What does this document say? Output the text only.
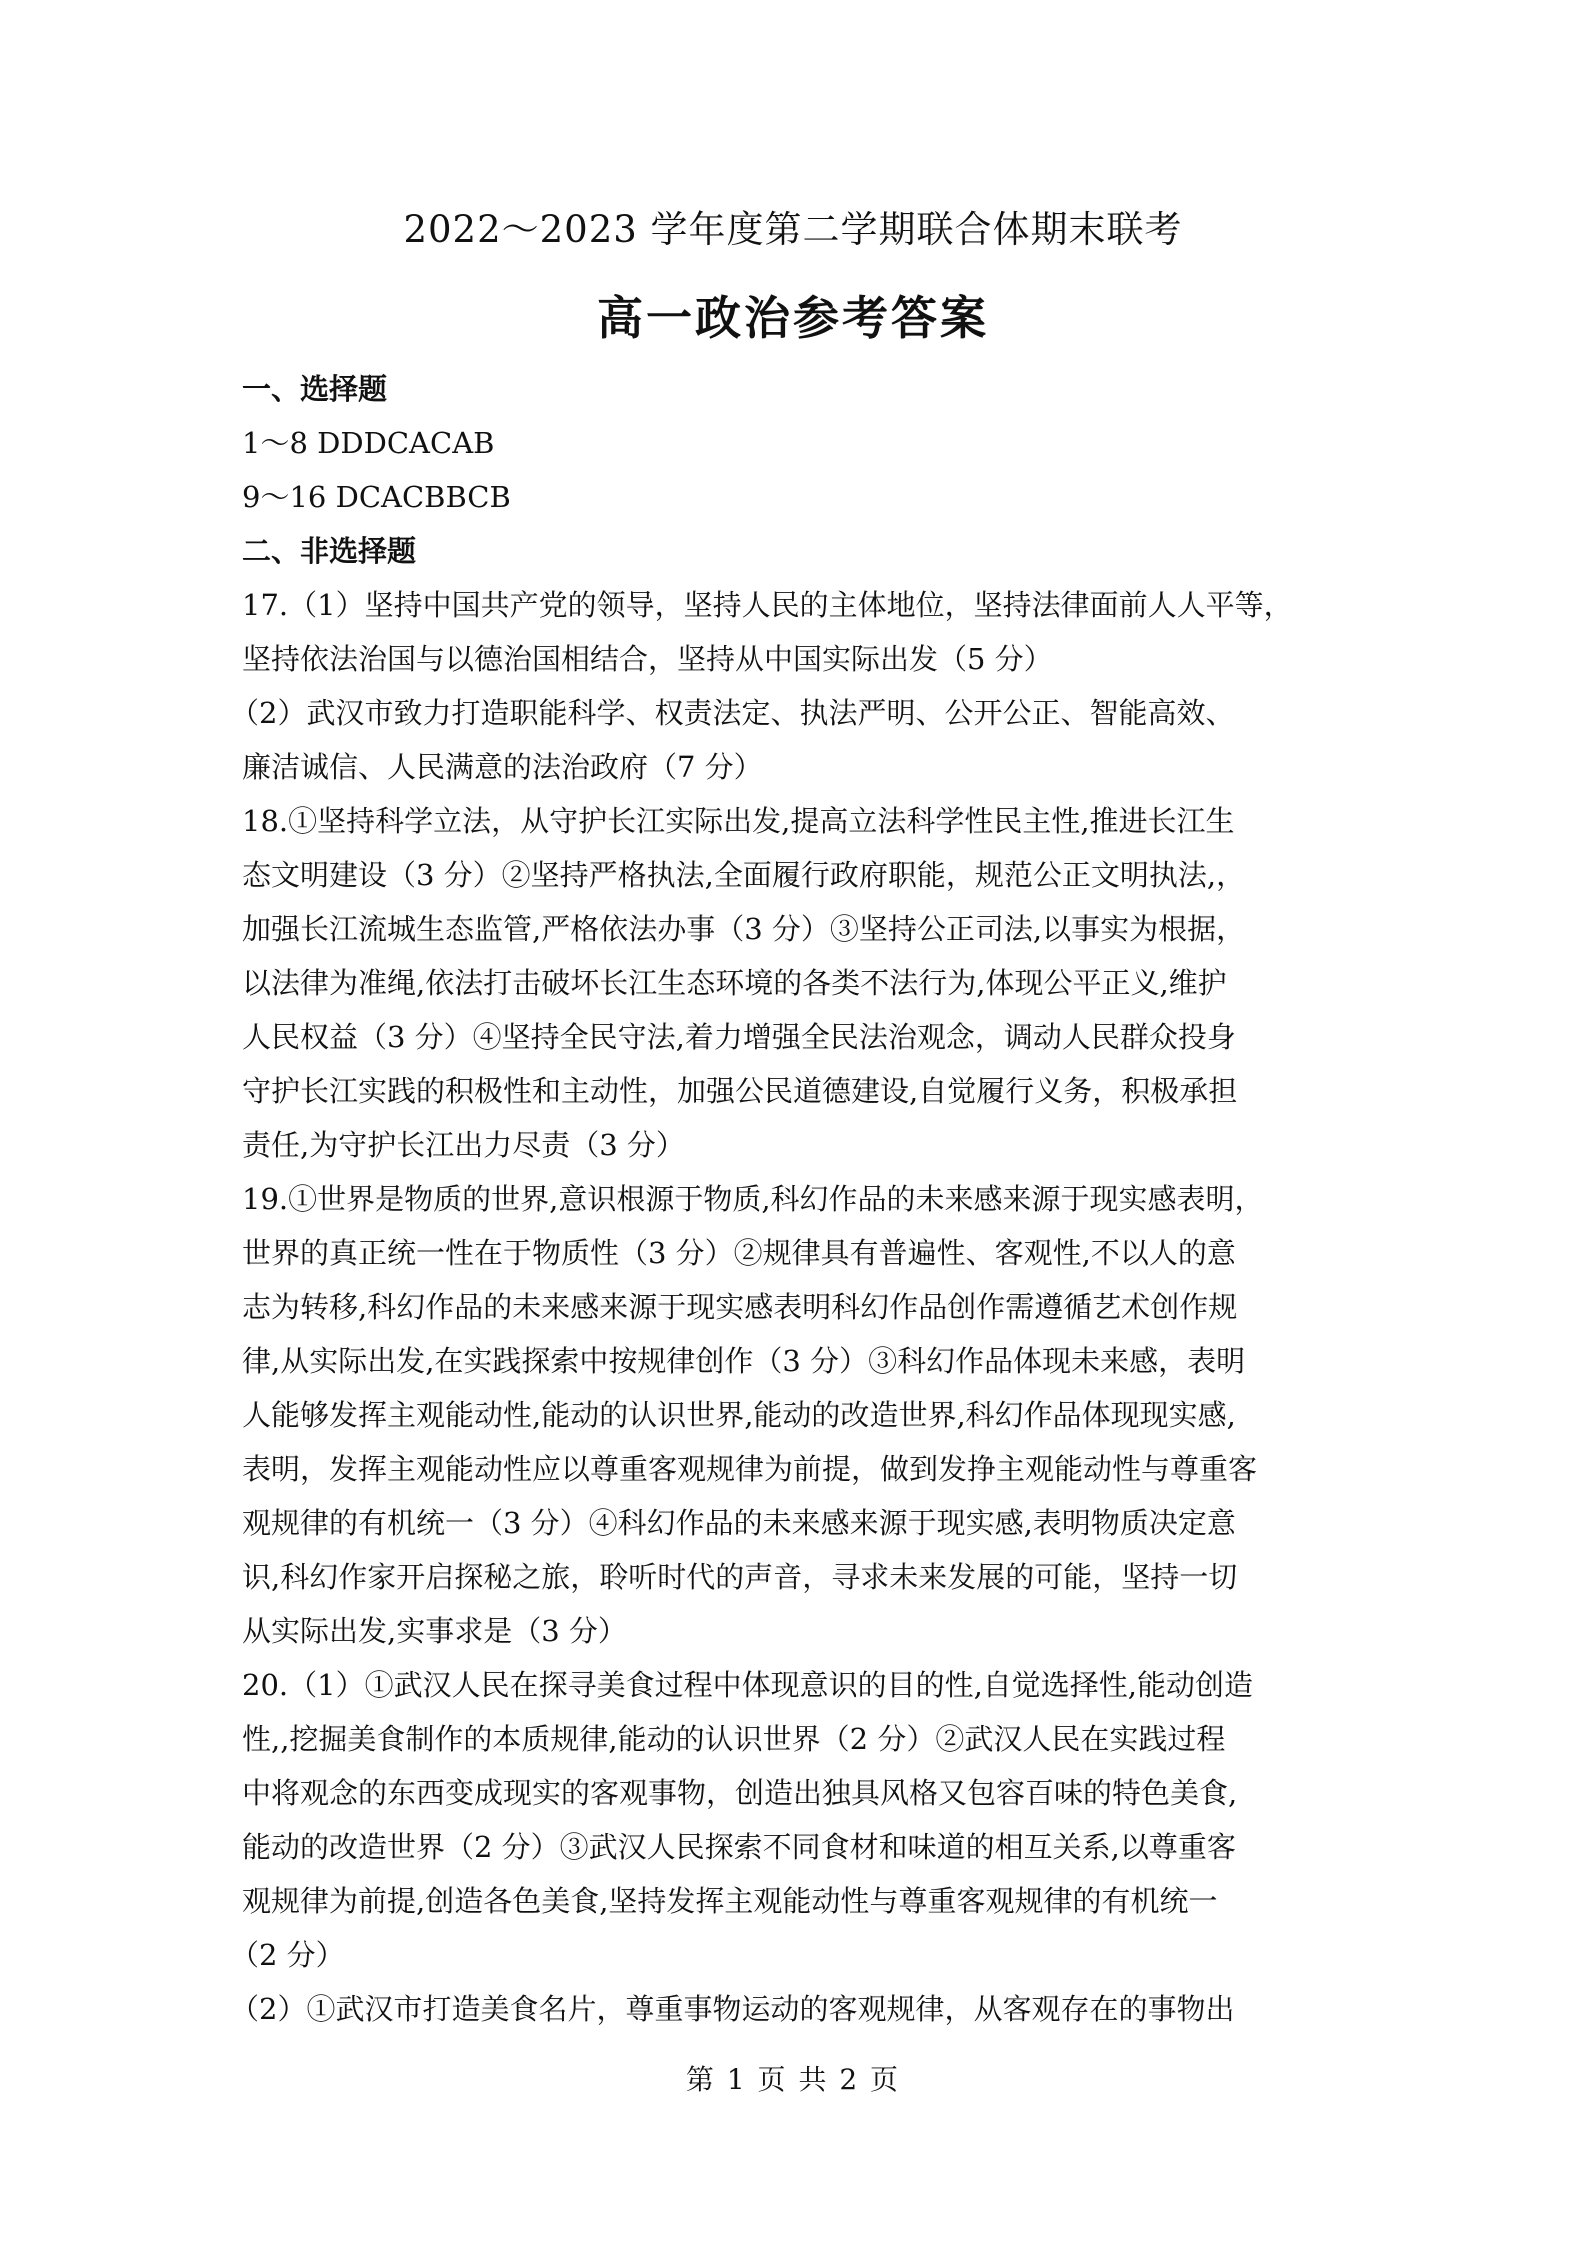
2022～2023 学年度第二学期联合体期末联考
高一政治参考答案
一、选择题
1～8 DDDCACAB
9～16 DCACBBCB
二、非选择题
17.（1）坚持中国共产党的领导，坚持人民的主体地位，坚持法律面前人人平等，
坚持依法治国与以德治国相结合，坚持从中国实际出发（5 分）
（2）武汉市致力打造职能科学、权责法定、执法严明、公开公正、智能高效、
廉洁诚信、人民满意的法治政府（7 分）
18.①坚持科学立法，从守护长江实际出发,提高立法科学性民主性,推进长江生
态文明建设（3 分）②坚持严格执法,全面履行政府职能，规范公正文明执法,，
加强长江流城生态监管,严格依法办事（3 分）③坚持公正司法,以事实为根据，
以法律为准绳,依法打击破坏长江生态环境的各类不法行为,体现公平正义,维护
人民权益（3 分）④坚持全民守法,着力增强全民法治观念，调动人民群众投身
守护长江实践的积极性和主动性，加强公民道德建设,自觉履行义务，积极承担
责任,为守护长江出力尽责（3 分）
19.①世界是物质的世界,意识根源于物质,科幻作品的未来感来源于现实感表明，
世界的真正统一性在于物质性（3 分）②规律具有普遍性、客观性,不以人的意
志为转移,科幻作品的未来感来源于现实感表明科幻作品创作需遵循艺术创作规
律,从实际出发,在实践探索中按规律创作（3 分）③科幻作品体现未来感，表明
人能够发挥主观能动性,能动的认识世界,能动的改造世界,科幻作品体现现实感,
表明，发挥主观能动性应以尊重客观规律为前提，做到发挣主观能动性与尊重客
观规律的有机统一（3 分）④科幻作品的未来感来源于现实感,表明物质决定意
识,科幻作家开启探秘之旅，聆听时代的声音，寻求未来发展的可能，坚持一切
从实际出发,实事求是（3 分）
20.（1）①武汉人民在探寻美食过程中体现意识的目的性,自觉选择性,能动创造
性,,挖掘美食制作的本质规律,能动的认识世界（2 分）②武汉人民在实践过程
中将观念的东西变成现实的客观事物，创造出独具风格又包容百味的特色美食,
能动的改造世界（2 分）③武汉人民探索不同食材和味道的相互关系,以尊重客
观规律为前提,创造各色美食,坚持发挥主观能动性与尊重客观规律的有机统一
（2 分）
（2）①武汉市打造美食名片，尊重事物运动的客观规律，从客观存在的事物出
第 1 页 共 2 页
